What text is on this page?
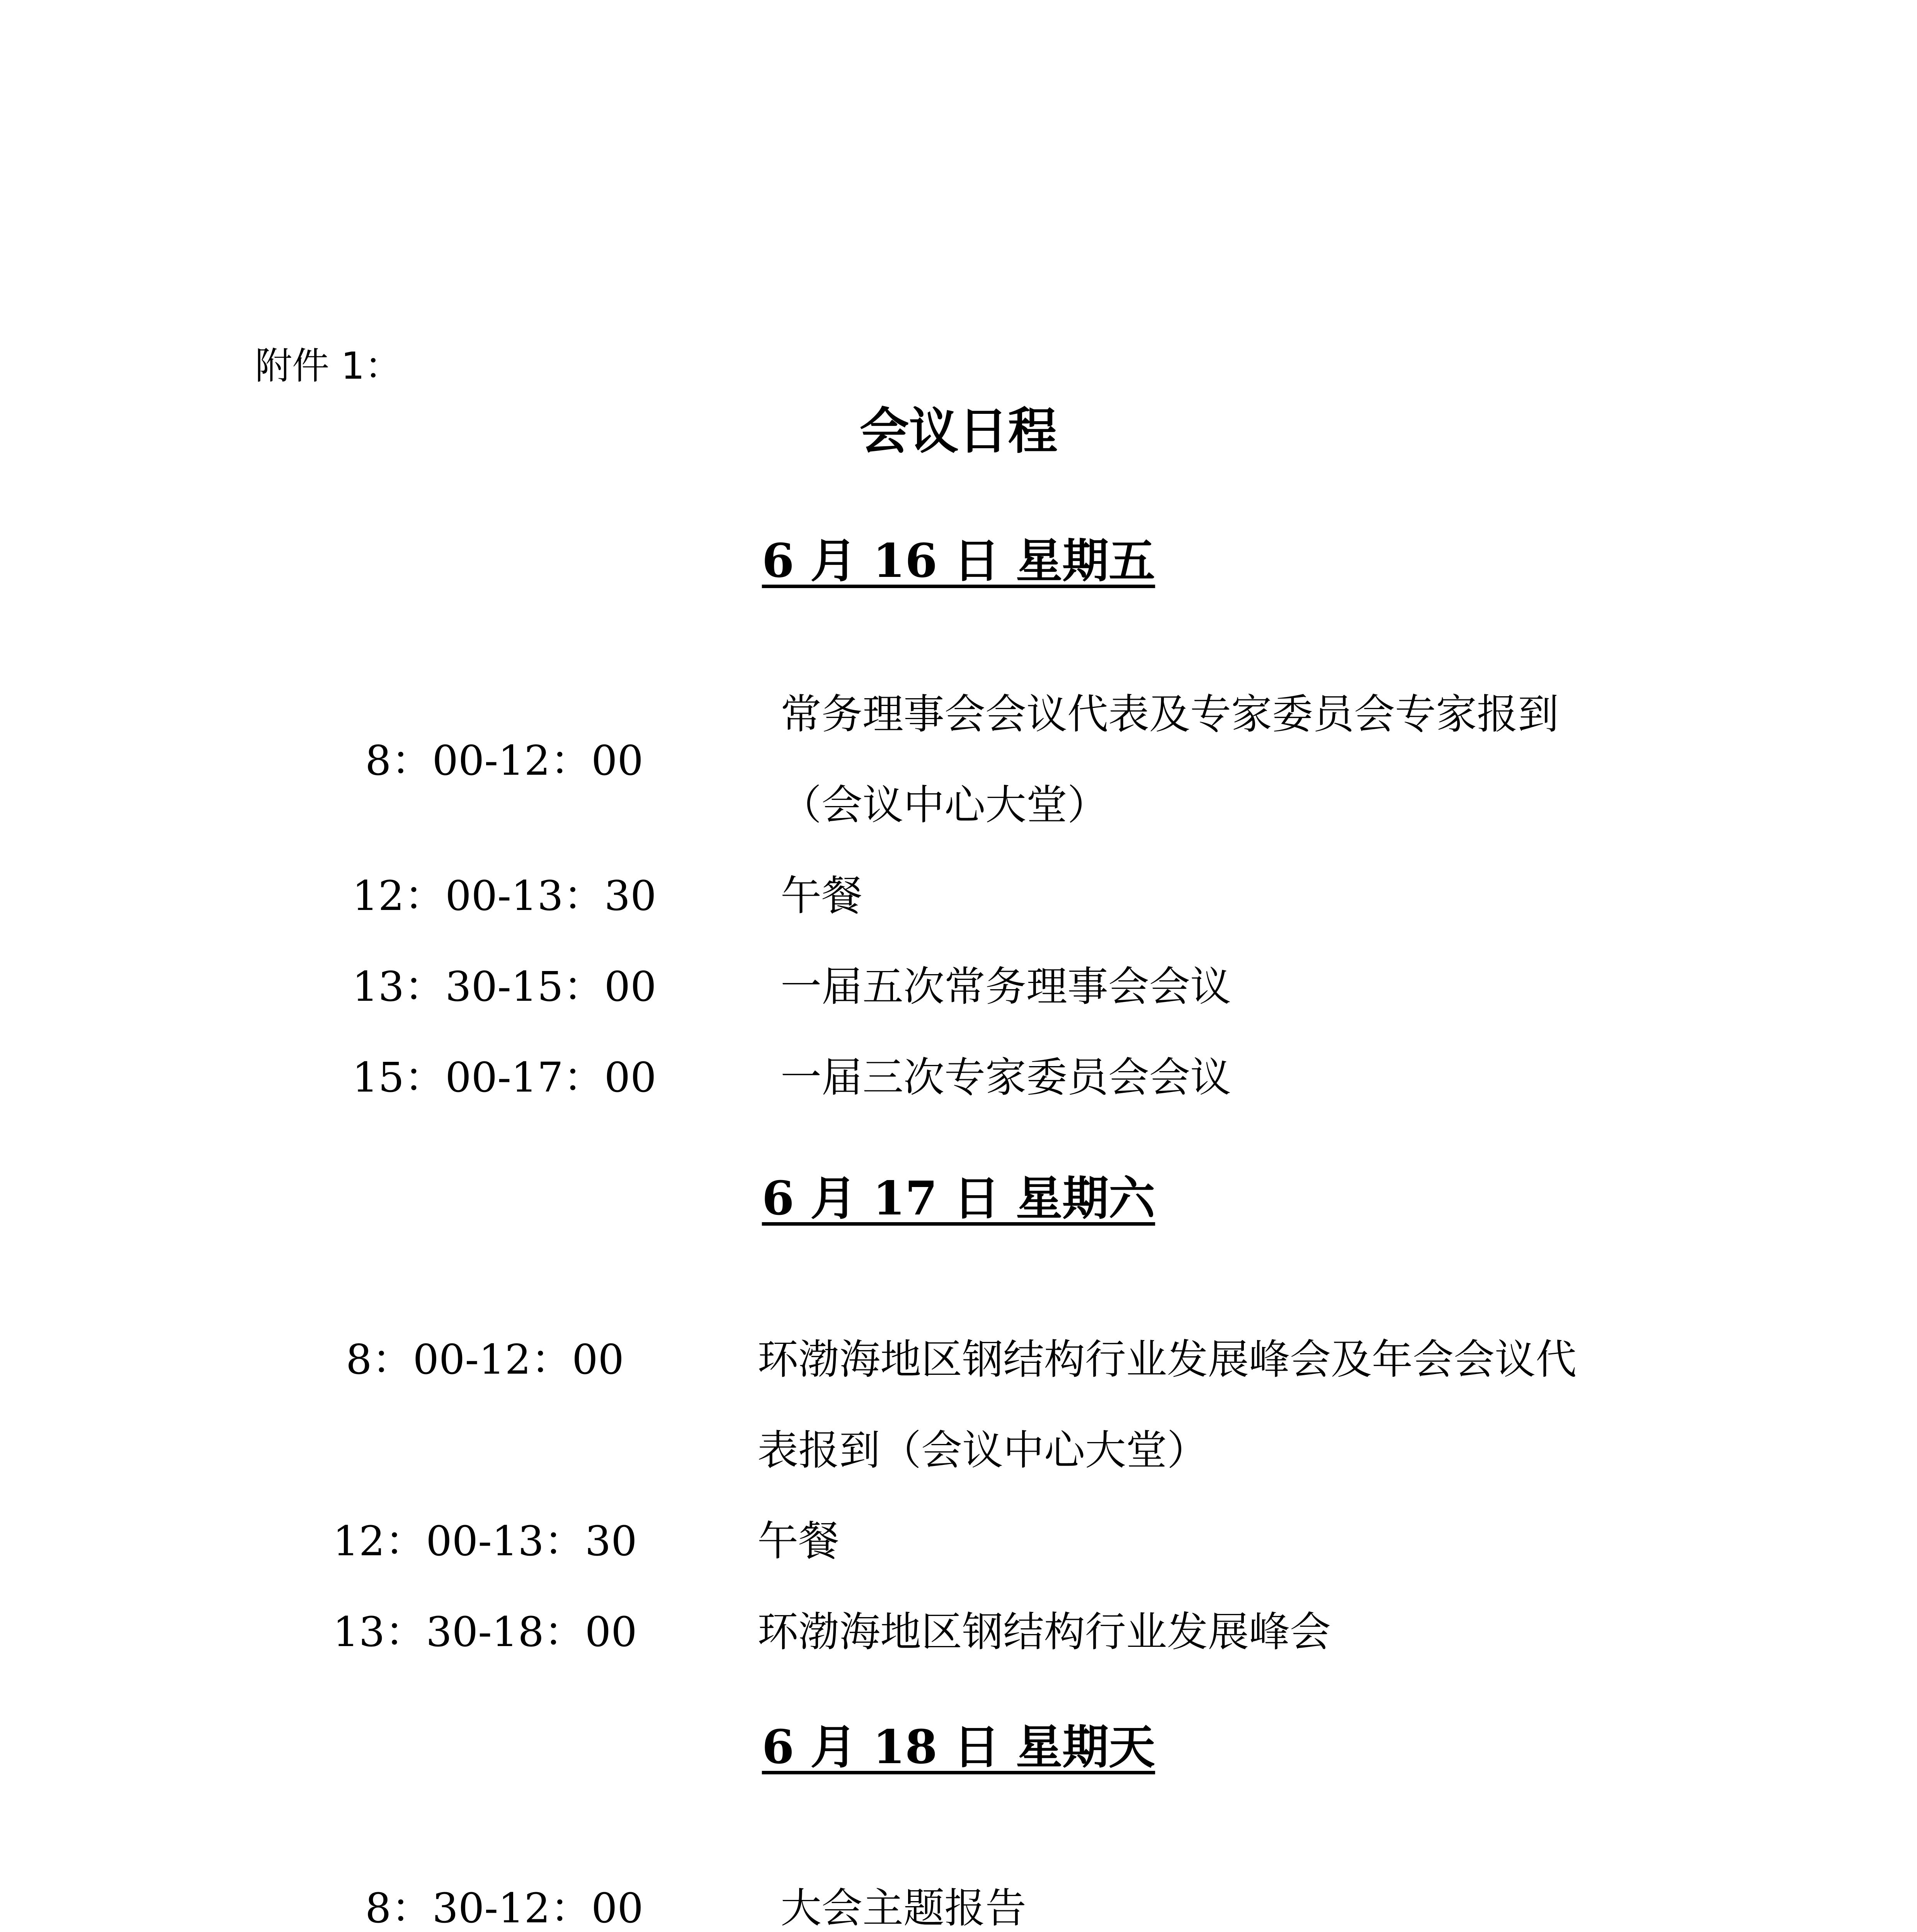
附件 1：
会议日程
6 月 16 日 星期五
8：00-12：00
常务理事会会议代表及专家委员会专家报到
（会议中心大堂）
12：00-13：30	午餐
13：30-15：00	一届五次常务理事会会议
15：00-17：00	一届三次专家委员会会议
6 月 17 日 星期六
8：00-12：00	环渤海地区钢结构行业发展峰会及年会会议代
表报到（会议中心大堂）
12：00-13：30	午餐
13：30-18：00	环渤海地区钢结构行业发展峰会
6 月 18 日 星期天
8：30-12：00	大会主题报告
